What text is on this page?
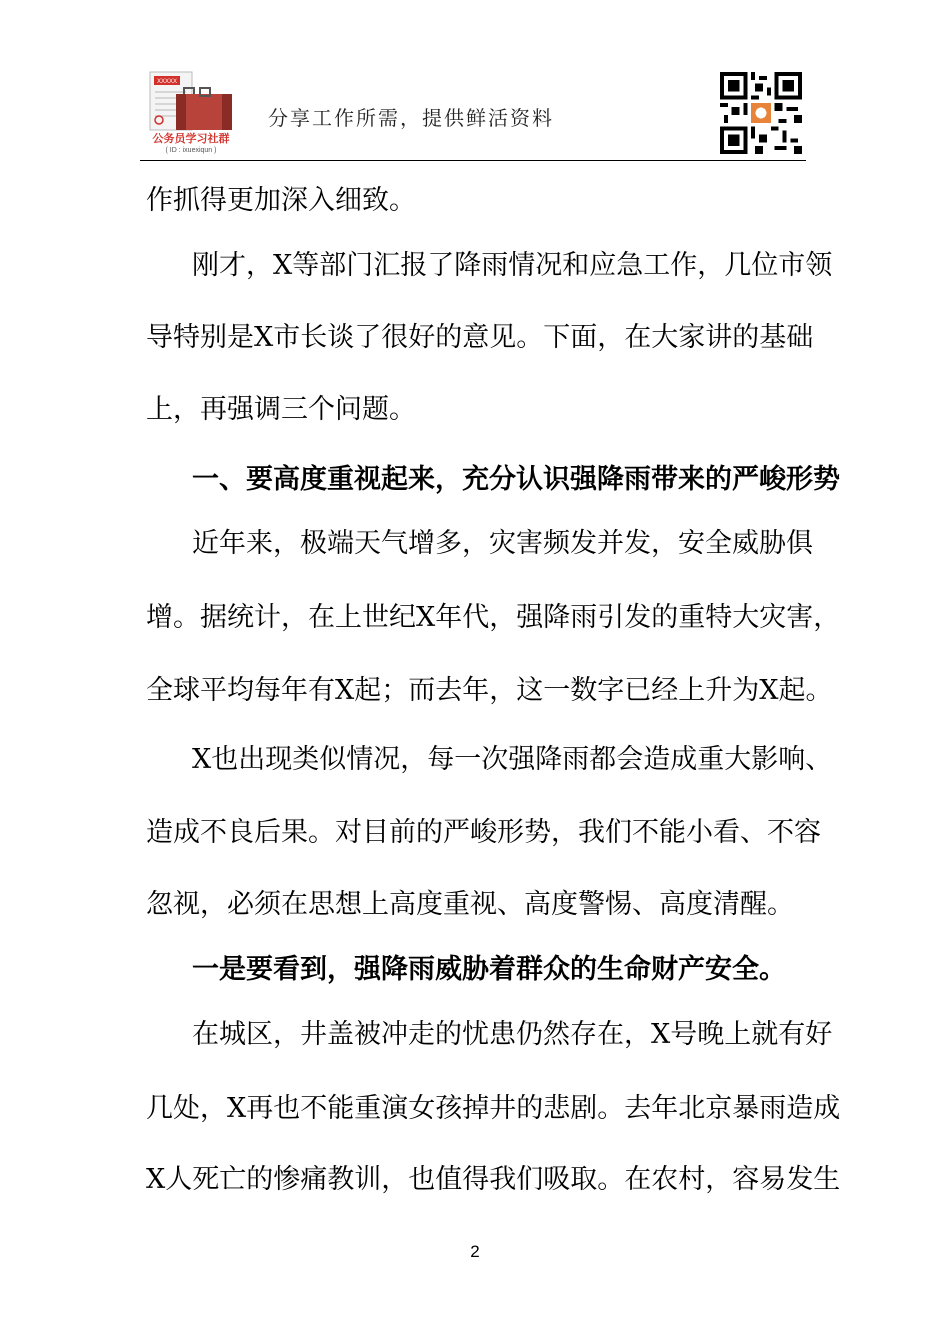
XXXXX
公务员学习社群
( ID : ixuexiqun )
分享工作所需，提供鲜活资料
作抓得更加深入细致。
刚才，X等部门汇报了降雨情况和应急工作，几位市领
导特别是X市长谈了很好的意见。下面，在大家讲的基础
上，再强调三个问题。
一、要高度重视起来，充分认识强降雨带来的严峻形势
近年来，极端天气增多，灾害频发并发，安全威胁俱
增。据统计，在上世纪X年代，强降雨引发的重特大灾害，
全球平均每年有X起；而去年，这一数字已经上升为X起。
X也出现类似情况，每一次强降雨都会造成重大影响、
造成不良后果。对目前的严峻形势，我们不能小看、不容
忽视，必须在思想上高度重视、高度警惕、高度清醒。
一是要看到，强降雨威胁着群众的生命财产安全。
在城区，井盖被冲走的忧患仍然存在，X号晚上就有好
几处，X再也不能重演女孩掉井的悲剧。去年北京暴雨造成
X人死亡的惨痛教训，也值得我们吸取。在农村，容易发生
2
